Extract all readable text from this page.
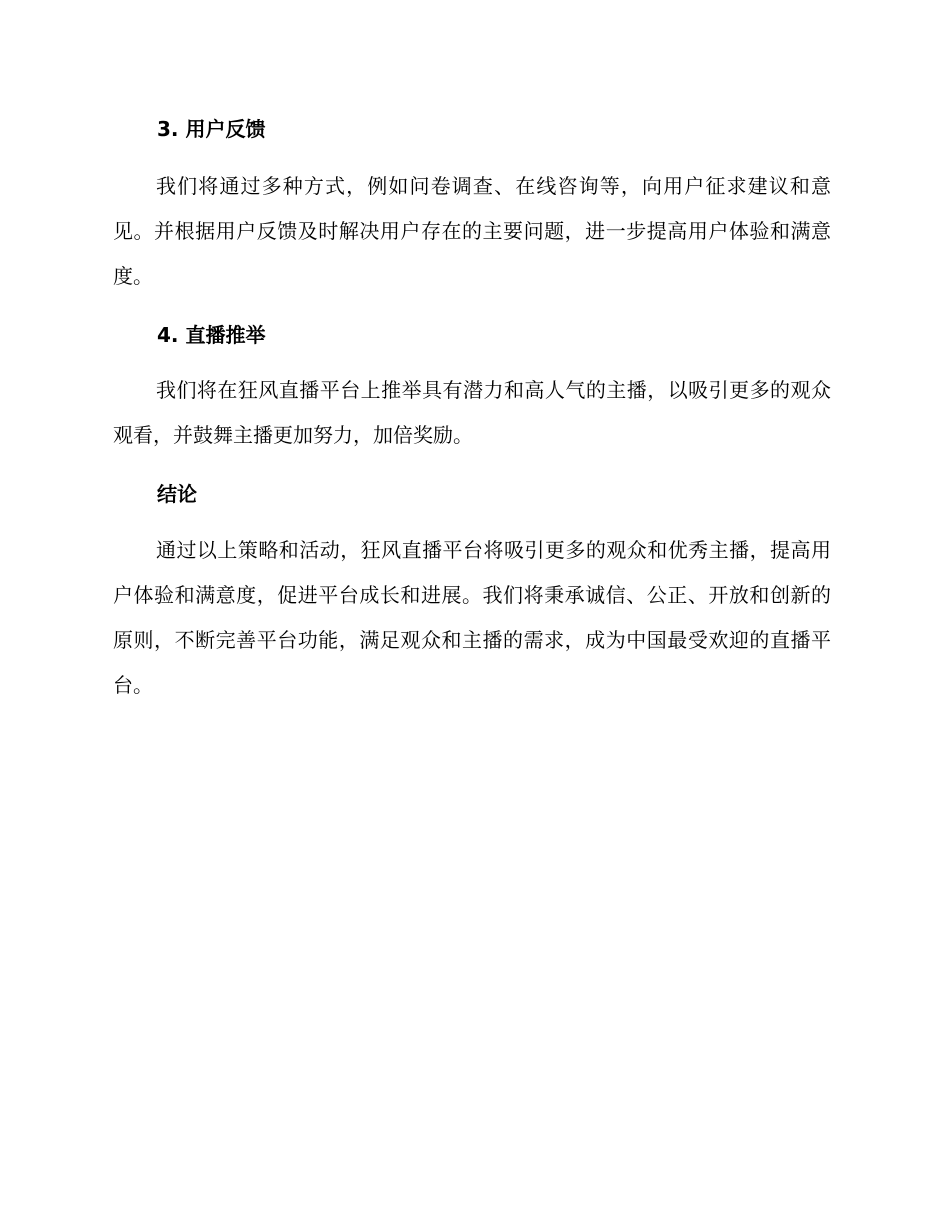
3. 用户反馈
我们将通过多种方式，例如问卷调查、在线咨询等，向用户征求建议和意见。并根据用户反馈及时解决用户存在的主要问题，进一步提高用户体验和满意度。
4. 直播推举
我们将在狂风直播平台上推举具有潜力和高人气的主播，以吸引更多的观众观看，并鼓舞主播更加努力，加倍奖励。
结论
通过以上策略和活动，狂风直播平台将吸引更多的观众和优秀主播，提高用户体验和满意度，促进平台成长和进展。我们将秉承诚信、公正、开放和创新的原则，不断完善平台功能，满足观众和主播的需求，成为中国最受欢迎的直播平台。
